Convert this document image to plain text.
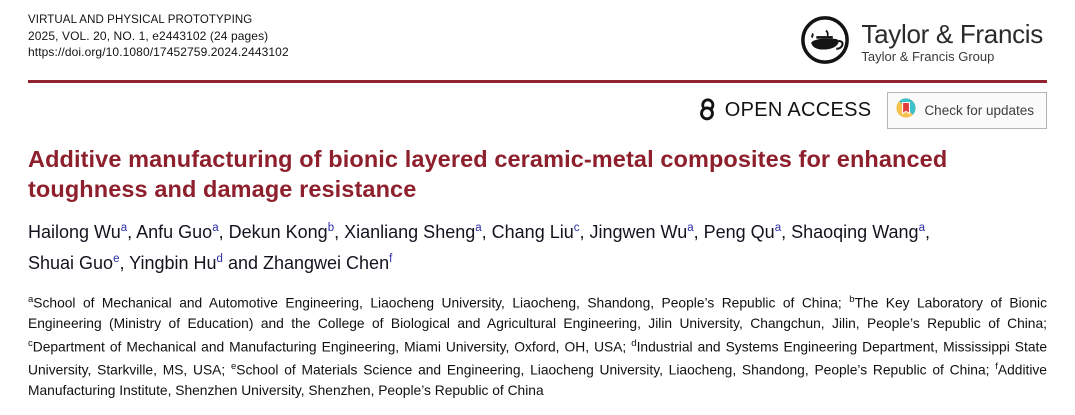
VIRTUAL AND PHYSICAL PROTOTYPING
2025, VOL. 20, NO. 1, e2443102 (24 pages)
https://doi.org/10.1080/17452759.2024.2443102
Taylor & Francis
Taylor & Francis Group
OPEN ACCESS	Check for updates
Additive manufacturing of bionic layered ceramic-metal composites for enhanced toughness and damage resistance
Hailong Wu$^a$, Anfu Guo$^a$, Dekun Kong$^b$, Xianliang Sheng$^a$, Chang Liu$^c$, Jingwen Wu$^a$, Peng Qu$^a$, Shaoqing Wang$^a$, Shuai Guo$^e$, Yingbin Hu$^d$ and Zhangwei Chen$^f$
$^a$School of Mechanical and Automotive Engineering, Liaocheng University, Liaocheng, Shandong, People’s Republic of China; $^b$The Key Laboratory of Bionic Engineering (Ministry of Education) and the College of Biological and Agricultural Engineering, Jilin University, Changchun, Jilin, People’s Republic of China; $^c$Department of Mechanical and Manufacturing Engineering, Miami University, Oxford, OH, USA; $^d$Industrial and Systems Engineering Department, Mississippi State University, Starkville, MS, USA; $^e$School of Materials Science and Engineering, Liaocheng University, Liaocheng, Shandong, People’s Republic of China; $^f$Additive Manufacturing Institute, Shenzhen University, Shenzhen, People’s Republic of China
